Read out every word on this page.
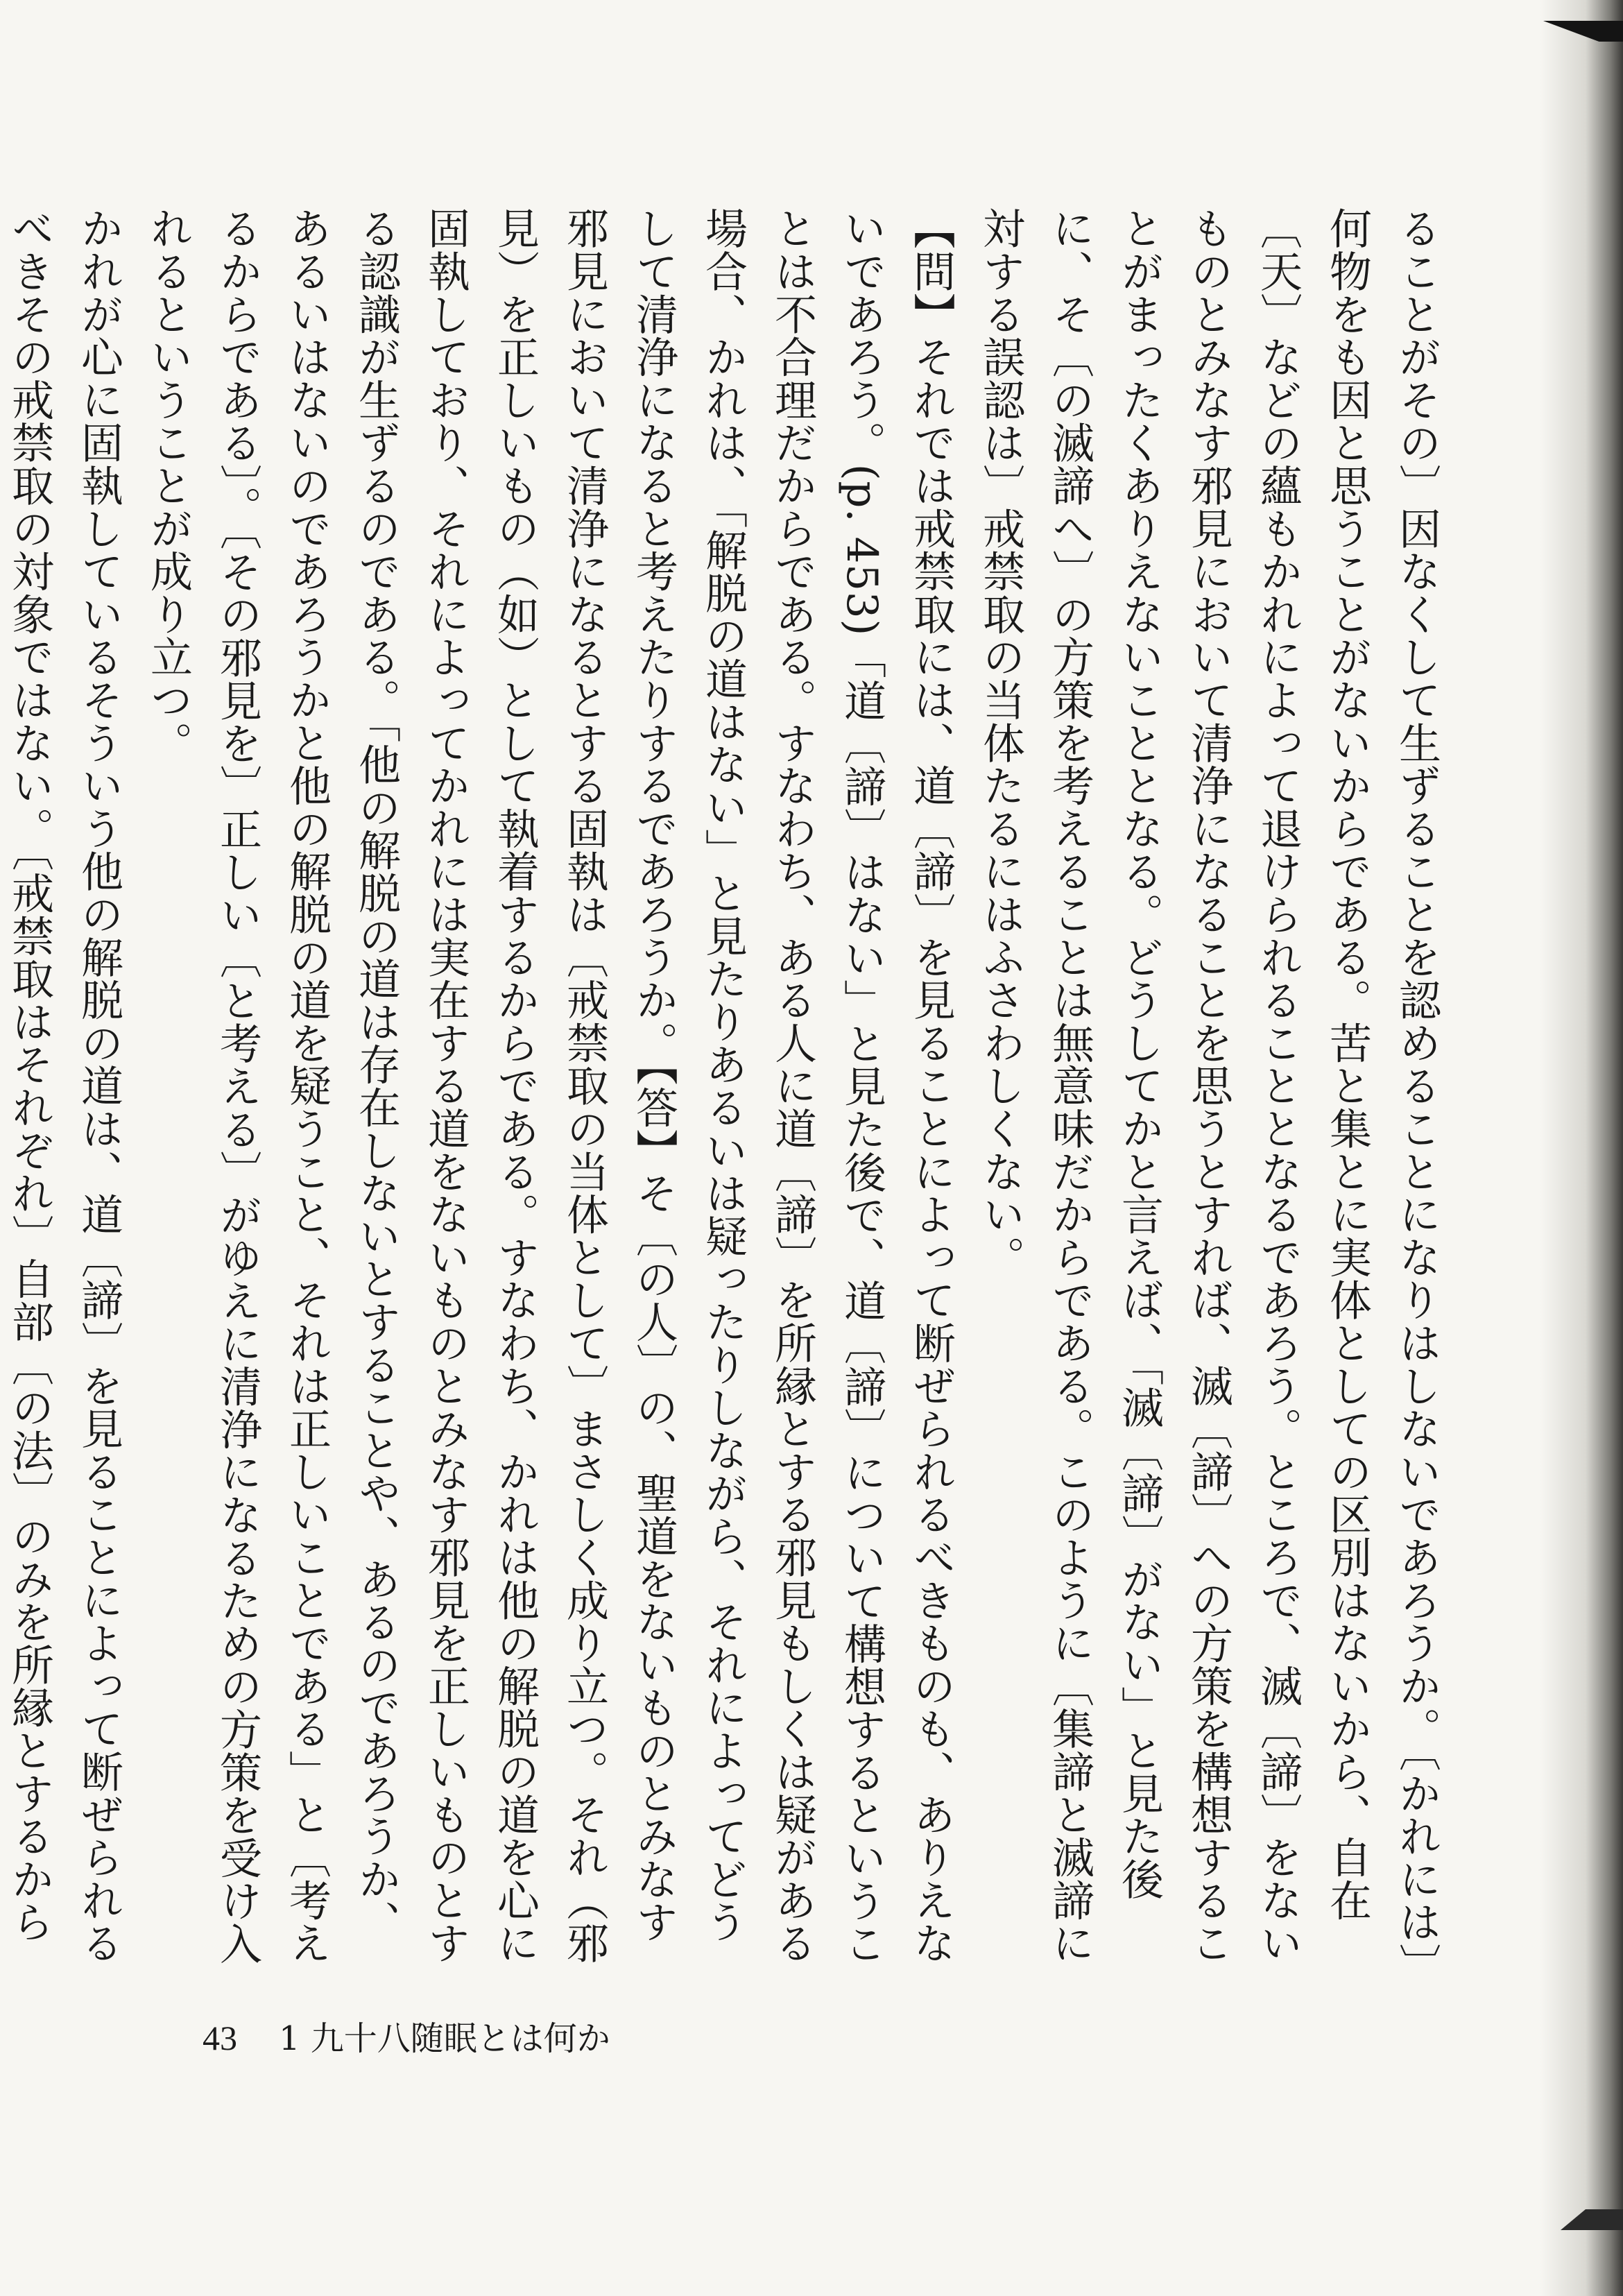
ることがその〕因なくして生ずることを認めることになりはしないであろうか。〔かれには〕何物をも因と思うことがないからである。苦と集とに実体としての区別はないから、自在〔天〕などの蘊もかれによって退けられることとなるであろう。ところで、滅〔諦〕をないものとみなす邪見において清浄になることを思うとすれば、滅〔諦〕への方策を構想することがまったくありえないこととなる。どうしてかと言えば、「滅〔諦〕がない」と見た後に、そ〔の滅諦へ〕の方策を考えることは無意味だからである。このように〔集諦と滅諦に対する誤認は〕戒禁取の当体たるにはふさわしくない。

【問】それでは戒禁取には、道〔諦〕を見ることによって断ぜられるべきものも、ありえないであろう。(p. 453)「道〔諦〕はない」と見た後で、道〔諦〕について構想するということは不合理だからである。すなわち、ある人に道〔諦〕を所縁とする邪見もしくは疑がある場合、かれは、「解脱の道はない」と見たりあるいは疑ったりしながら、それによってどうして清浄になると考えたりするであろうか。【答】そ〔の人〕の、聖道をないものとみなす邪見において清浄になるとする固執は〔戒禁取の当体として〕まさしく成り立つ。それ（邪見）を正しいもの（如）として執着するからである。すなわち、かれは他の解脱の道を心に固執しており、それによってかれには実在する道をないものとみなす邪見を正しいものとする認識が生ずるのである。「他の解脱の道は存在しないとすることや、あるのであろうか、あるいはないのであろうかと他の解脱の道を疑うこと、それは正しいことである」と〔考えるからである〕。〔その邪見を〕正しい〔と考える〕がゆえに清浄になるための方策を受け入れるということが成り立つ。

かれが心に固執しているそういう他の解脱の道は、道〔諦〕を見ることによって断ぜられるべきその戒禁取の対象ではない。〔戒禁取はそれぞれ〕自部〔の法〕のみを所縁とするから

43 1 九十八随眠とは何か
